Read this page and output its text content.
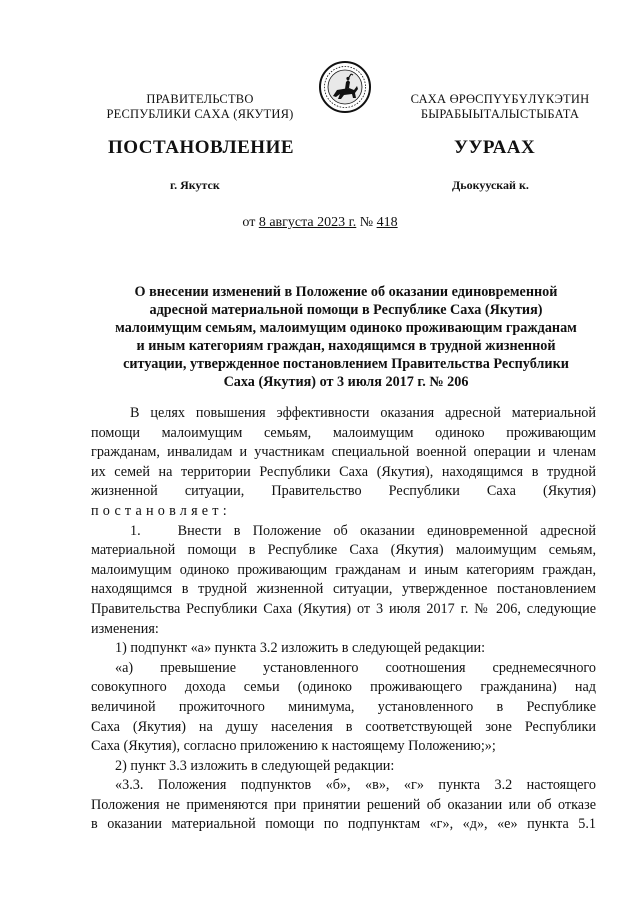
ПРАВИТЕЛЬСТВО
РЕСПУБЛИКИ САХА (ЯКУТИЯ)
САХА ӨРӨСПҮҮБҮЛҮКЭТИН
БЫРАБЫЫТАЛЫСТЫБАТА
ПОСТАНОВЛЕНИЕ	УУРААХ
г. Якутск	Дьокуускай к.
от 8 августа 2023 г. № 418
О внесении изменений в Положение об оказании единовременной
адресной материальной помощи в Республике Саха (Якутия)
малоимущим семьям, малоимущим одиноко проживающим гражданам
и иным категориям граждан, находящимся в трудной жизненной
ситуации, утвержденное постановлением Правительства Республики
Саха (Якутия) от 3 июля 2017 г. № 206
В целях повышения эффективности оказания адресной материальной
помощи малоимущим семьям, малоимущим одиноко проживающим
гражданам, инвалидам и участникам специальной военной операции и членам
их семей на территории Республики Саха (Якутия), находящимся в трудной
жизненной ситуации, Правительство Республики Саха (Якутия)
постановляет:
1.	Внести в Положение об оказании единовременной адресной
материальной помощи в Республике Саха (Якутия) малоимущим семьям,
малоимущим одиноко проживающим гражданам и иным категориям граждан,
находящимся в трудной жизненной ситуации, утвержденное постановлением
Правительства Республики Саха (Якутия) от 3 июля 2017 г. № 206, следующие
изменения:
1) подпункт «а» пункта 3.2 изложить в следующей редакции:
«а) превышение установленного соотношения среднемесячного
совокупного дохода семьи (одиноко проживающего гражданина) над
величиной прожиточного минимума, установленного в Республике
Саха (Якутия) на душу населения в соответствующей зоне Республики
Саха (Якутия), согласно приложению к настоящему Положению;»;
2) пункт 3.3 изложить в следующей редакции:
«3.3. Положения подпунктов «б», «в», «г» пункта 3.2 настоящего
Положения не применяются при принятии решений об оказании или об отказе
в оказании материальной помощи по подпунктам «г», «д», «е» пункта 5.1
